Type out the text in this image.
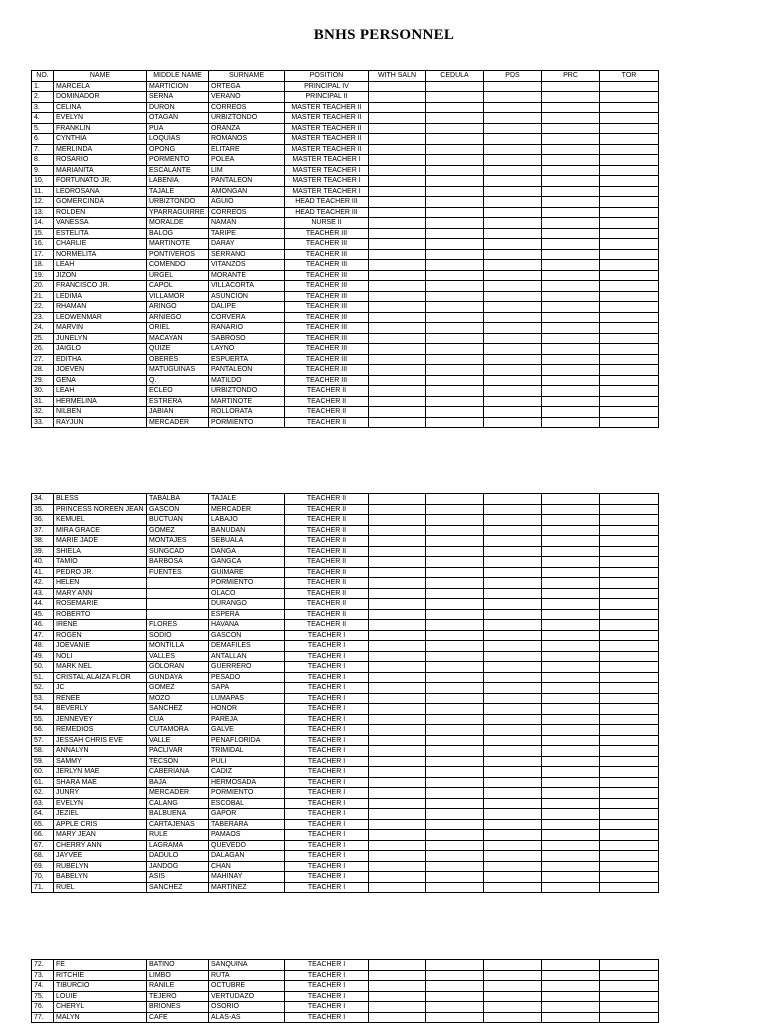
BNHS PERSONNEL
NO.	NAME	MIDDLE NAME	SURNAME	POSITION	WITH SALN	CEDULA	PDS	PRC	TOR
1.	MARCELA	MARTICION	ORTEGA	PRINCIPAL IV					
2.	DOMINADOR	SERNA	VERANO	PRINCIPAL II					
3.	CELINA	DURON	CORREOS	MASTER TEACHER II					
4.	EVELYN	OTAGAN	URBIZTONDO	MASTER TEACHER II					
5.	FRANKLIN	PUA	ORANZA	MASTER TEACHER II					
6.	CYNTHIA	LOQUIAS	ROMANOS	MASTER TEACHER II					
7.	MERLINDA	OPONG	ELITARE	MASTER TEACHER II					
8.	ROSARIO	PORMENTO	POLEA	MASTER TEACHER I					
9.	MARIANITA	ESCALANTE	LIM	MASTER TEACHER I					
10.	FORTUNATO JR.	LABENIA	PANTALEON	MASTER TEACHER I					
11.	LEOROSANA	TAJALE	AMONGAN	MASTER TEACHER I					
12.	GOMERCINDA	URBIZTONDO	AGUIO	HEAD TEACHER III					
13.	ROLDEN	YPARRAGUIRRE	CORREOS	HEAD TEACHER III					
14.	VANESSA	MORALDE	NAMAN	NURSE II					
15.	ESTELITA	BALOG	TARIPE	TEACHER III					
16.	CHARLIE	MARTINOTE	DARAY	TEACHER III					
17.	NORMELITA	PONTIVEROS	SERRANO	TEACHER III					
18.	LEAH	COMENDO	VITANZOS	TEACHER III					
19.	JIZON	URGEL	MORANTE	TEACHER III					
20.	FRANCISCO JR.	CAPOL	VILLACORTA	TEACHER III					
21.	LEDIMA	VILLAMOR	ASUNCION	TEACHER III					
22.	RHAMAN	ARINGO	DALIPE	TEACHER III					
23.	LEOWENMAR	ARNIEGO	CORVERA	TEACHER III					
24.	MARVIN	ORIEL	RANARIO	TEACHER III					
25.	JUNELYN	MACAYAN	SABROSO	TEACHER III					
26.	JAIGLO	QUIZE	LAYNO	TEACHER III					
27.	EDITHA	OBERES	ESPUERTA	TEACHER III					
28.	JOEVEN	MATUGUINAS	PANTALEON	TEACHER III					
29.	GENA	Q.	MATILDO	TEACHER III					
30.	LEAH	ECLEO	URBIZTONDO	TEACHER II					
31.	HERMELINA	ESTRERA	MARTINOTE	TEACHER II					
32.	NILBEN	JABIAN	ROLLORATA	TEACHER II					
33.	RAYJUN	MERCADER	PORMIENTO	TEACHER II					
34.	BLESS	TABALBA	TAJALE	TEACHER II					
35.	PRINCESS NOREEN JEAN	GASCON	MERCADER	TEACHER II					
36.	KEMUEL	BUCTUAN	LABAJO	TEACHER II					
37.	MIRA GRACE	GOMEZ	BANUDAN	TEACHER II					
38.	MARIE JADE	MONTAJES	SEBUALA	TEACHER II					
39.	SHIELA	SUNGCAD	DANGA	TEACHER II					
40.	TAMIO	BARBOSA	GANGCA	TEACHER II					
41.	PEDRO JR.	FUENTES	GUIMARE	TEACHER II					
42.	HELEN		PORMIENTO	TEACHER II					
43.	MARY ANN		OLACO	TEACHER II					
44.	ROSEMARIE		DURANGO	TEACHER II					
45.	ROBERTO		ESPERA	TEACHER II					
46.	IRENE	FLORES	HAVANA	TEACHER II					
47.	ROGEN	SODIO	GASCON	TEACHER I					
48.	JOEVANIE	MONTILLA	DEMAFILES	TEACHER I					
49.	NOLI	VALLES	ANTALLAN	TEACHER I					
50.	MARK NEL	GOLORAN	GUERRERO	TEACHER I					
51.	CRISTAL ALAIZA FLOR	GUNDAYA	PESADO	TEACHER I					
52.	JC	GOMEZ	SAPA	TEACHER I					
53.	RENEE	MOZO	LUMAPAS	TEACHER I					
54.	BEVERLY	SANCHEZ	HONOR	TEACHER I					
55.	JENNEVEY	CUA	PAREJA	TEACHER I					
56.	REMEDIOS	CUTAMORA	GALVE	TEACHER I					
57.	JESSAH CHRIS EVE	VALLE	PENAFLORIDA	TEACHER I					
58.	ANNALYN	PACLIVAR	TRIMIDAL	TEACHER I					
59.	SAMMY	TECSON	PULI	TEACHER I					
60.	JERLYN MAE	CABERIANA	CADIZ	TEACHER I					
61.	SHARA MAE	BAJA	HERMOSADA	TEACHER I					
62.	JUNRY	MERCADER	PORMIENTO	TEACHER I					
63.	EVELYN	CALANG	ESCOBAL	TEACHER I					
64.	JEZIEL	BALBUENA	GAPOR	TEACHER I					
65.	APPLE CRIS	CARTAJENAS	TABERARA	TEACHER I					
66.	MARY JEAN	RULE	PAMAOS	TEACHER I					
67.	CHERRY ANN	LAGRAMA	QUEVEDO	TEACHER I					
68.	JAYVEE	DADULO	DALAGAN	TEACHER I					
69.	RUBELYN	JANDOG	CHAN	TEACHER I					
70.	BABELYN	ASIS	MAHINAY	TEACHER I					
71.	RUEL	SANCHEZ	MARTINEZ	TEACHER I					
72.	FE	BATINO	SANQUINA	TEACHER I					
73.	RITCHIE	LIMBO	RUTA	TEACHER I					
74.	TIBURCIO	RANILE	OCTUBRE	TEACHER I					
75.	LOUIE	TEJERO	VERTUDAZO	TEACHER I					
76.	CHERYL	BRIONES	OSORIO	TEACHER I					
77.	MALYN	CAFE	ALAS-AS	TEACHER I					
